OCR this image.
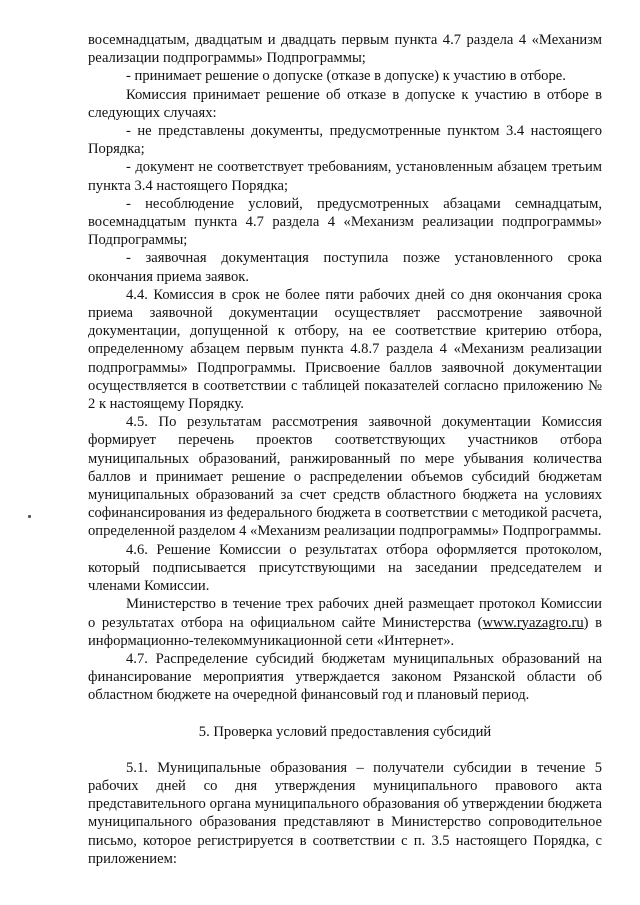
восемнадцатым, двадцатым и двадцать первым пункта 4.7 раздела 4 «Механизм реализации подпрограммы» Подпрограммы;

- принимает решение о допуске (отказе в допуске) к участию в отборе.

Комиссия принимает решение об отказе в допуске к участию в отборе в следующих случаях:

- не представлены документы, предусмотренные пунктом 3.4 настоящего Порядка;

- документ не соответствует требованиям, установленным абзацем третьим пункта 3.4 настоящего Порядка;

- несоблюдение условий, предусмотренных абзацами семнадцатым, восемнадцатым пункта 4.7 раздела 4 «Механизм реализации подпрограммы» Подпрограммы;

- заявочная документация поступила позже установленного срока окончания приема заявок.

4.4. Комиссия в срок не более пяти рабочих дней со дня окончания срока приема заявочной документации осуществляет рассмотрение заявочной документации, допущенной к отбору, на ее соответствие критерию отбора, определенному абзацем первым пункта 4.8.7 раздела 4 «Механизм реализации подпрограммы» Подпрограммы. Присвоение баллов заявочной документации осуществляется в соответствии с таблицей показателей согласно приложению № 2 к настоящему Порядку.

4.5. По результатам рассмотрения заявочной документации Комиссия формирует перечень проектов соответствующих участников отбора муниципальных образований, ранжированный по мере убывания количества баллов и принимает решение о распределении объемов субсидий бюджетам муниципальных образований за счет средств областного бюджета на условиях софинансирования из федерального бюджета в соответствии с методикой расчета, определенной разделом 4 «Механизм реализации подпрограммы» Подпрограммы.

4.6. Решение Комиссии о результатах отбора оформляется протоколом, который подписывается присутствующими на заседании председателем и членами Комиссии.

Министерство в течение трех рабочих дней размещает протокол Комиссии о результатах отбора на официальном сайте Министерства (www.ryazagro.ru) в информационно-телекоммуникационной сети «Интернет».

4.7. Распределение субсидий бюджетам муниципальных образований на финансирование мероприятия утверждается законом Рязанской области об областном бюджете на очередной финансовый год и плановый период.

5. Проверка условий предоставления субсидий

5.1. Муниципальные образования – получатели субсидии в течение 5 рабочих дней со дня утверждения муниципального правового акта представительного органа муниципального образования об утверждении бюджета муниципального образования представляют в Министерство сопроводительное письмо, которое регистрируется в соответствии с п. 3.5 настоящего Порядка, с приложением:
